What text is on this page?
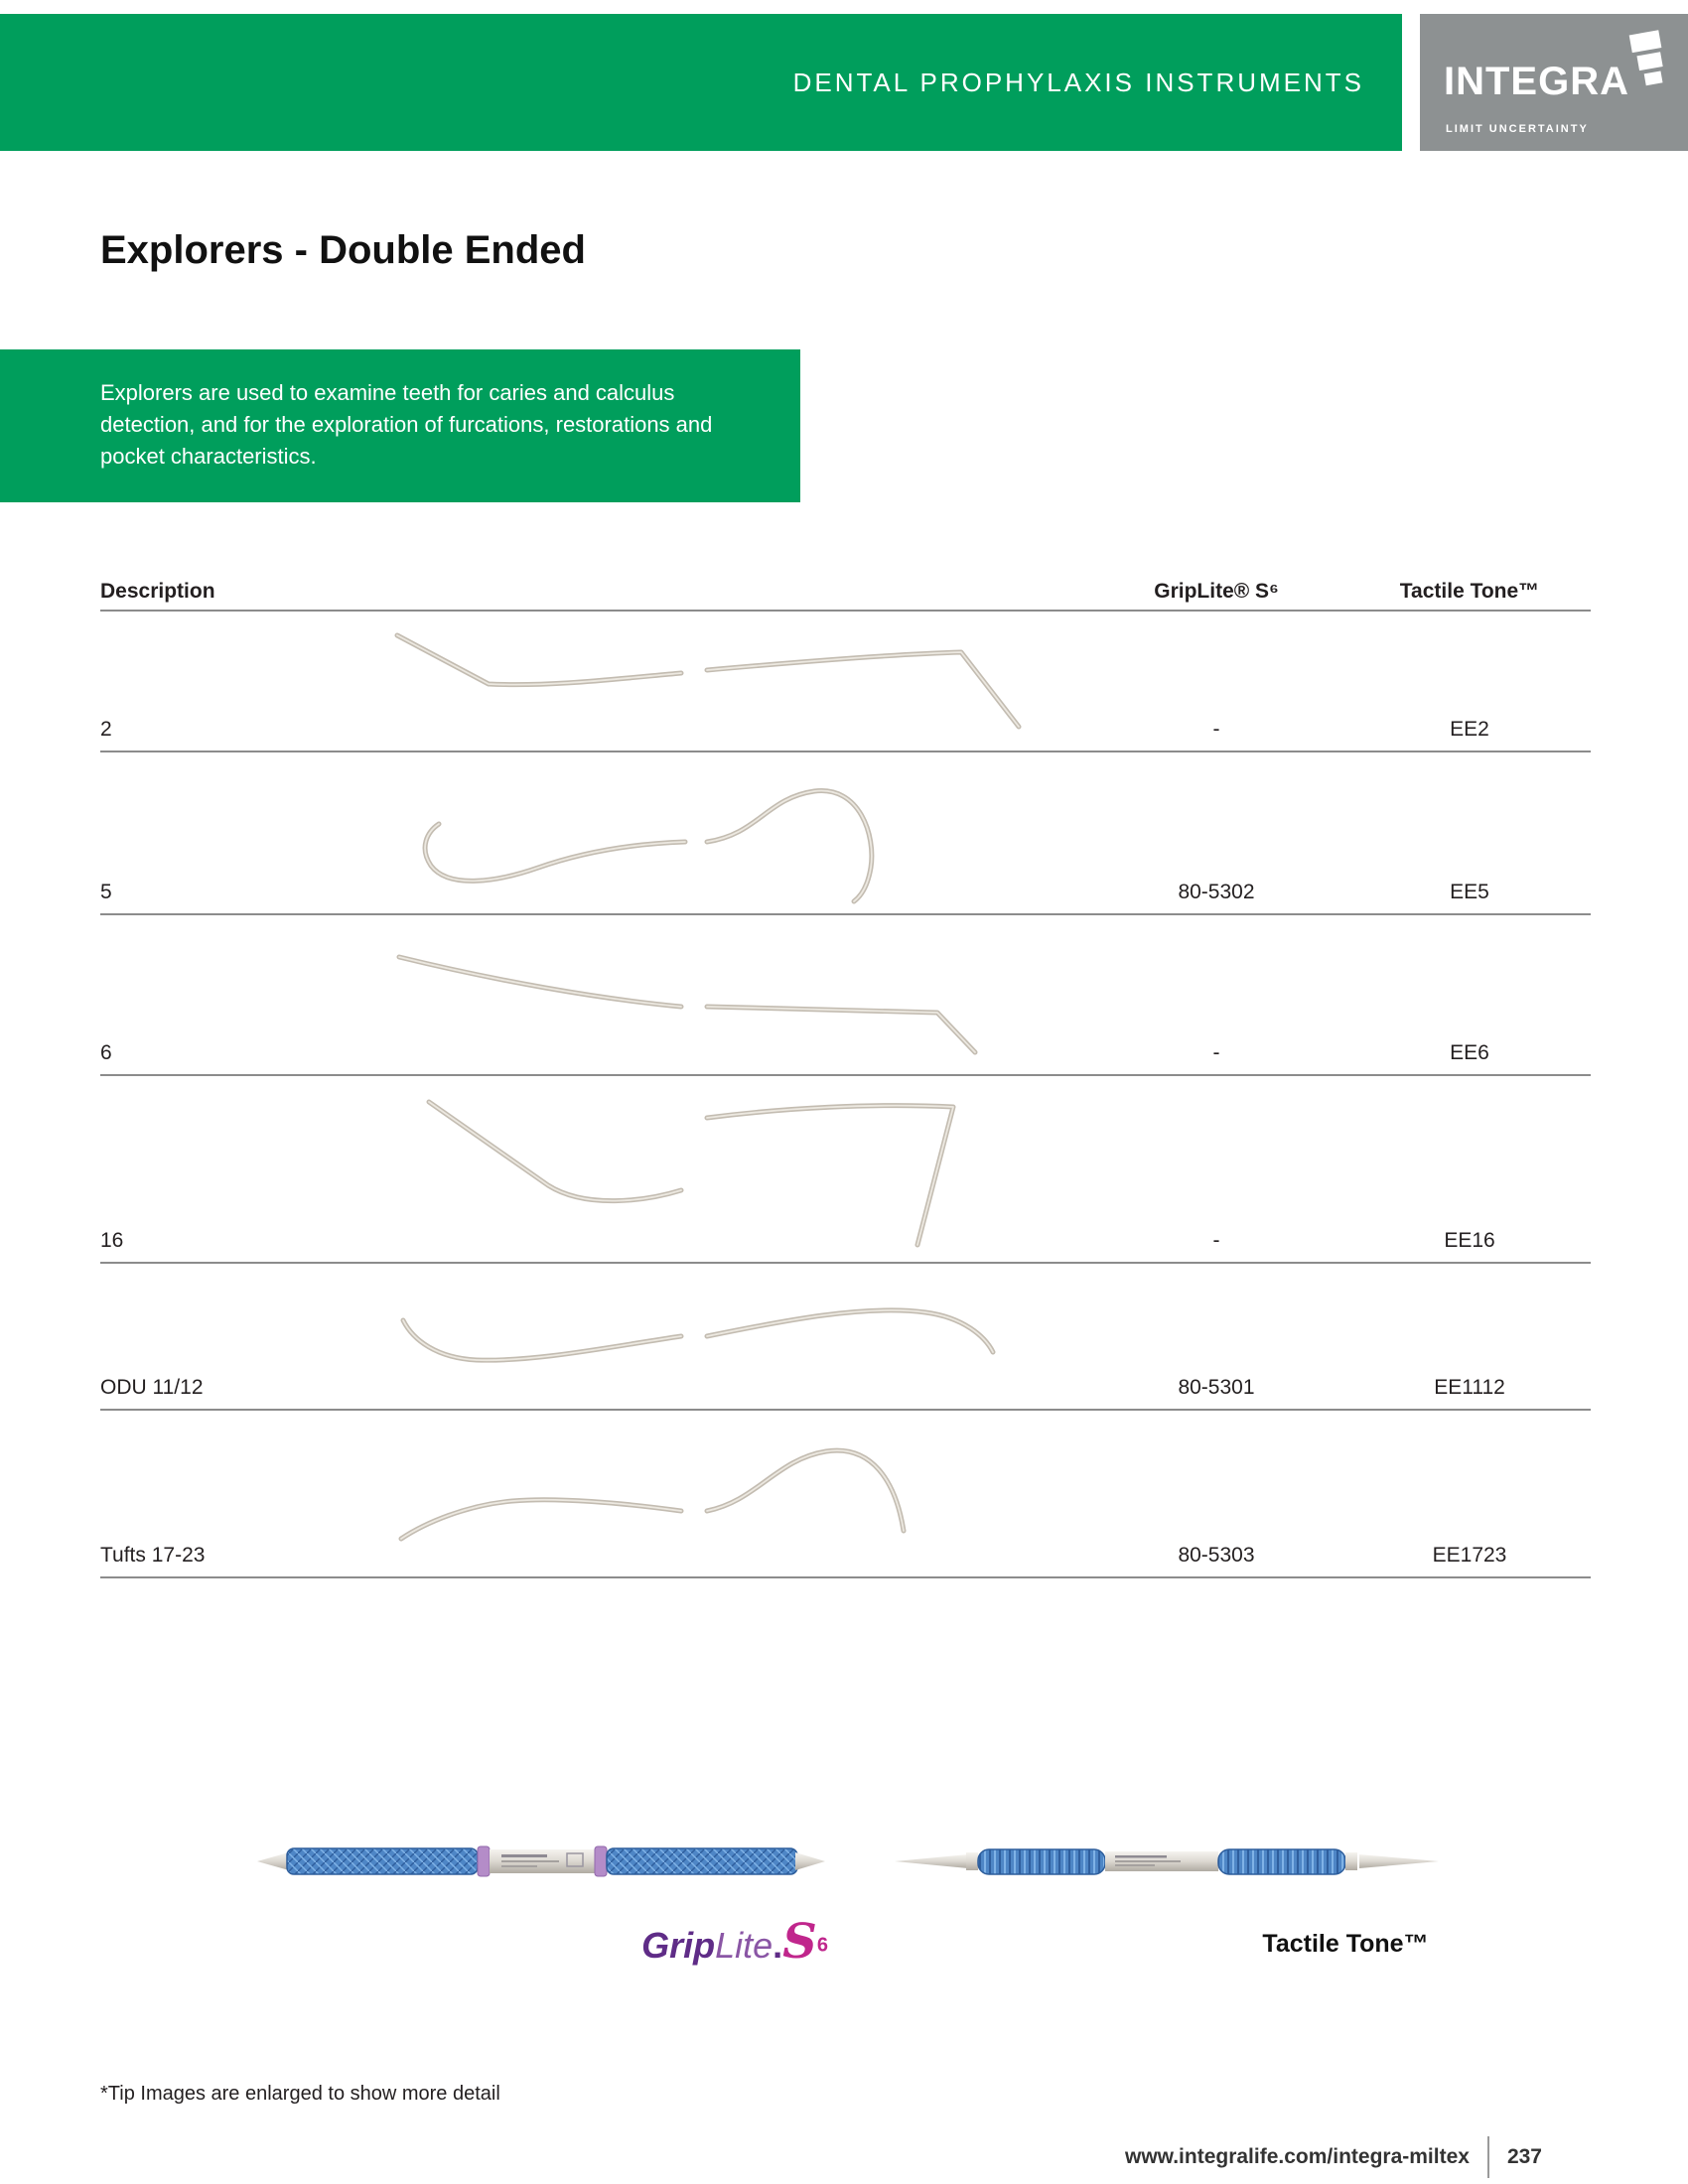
DENTAL PROPHYLAXIS INSTRUMENTS INTEGRA
LIMIT UNCERTAINTY
Explorers - Double Ended

Explorers are used to examine teeth for caries and calculus detection, and for the exploration of furcations, restorations and pocket characteristics.

Description	GripLite® S⁶	Tactile Tone™
2	-	EE2
5	80-5302	EE5
6	-	EE6
16	-	EE16
ODU 11/12	80-5301	EE1112
Tufts 17-23	80-5303	EE1723
GripLite.S6	Tactile Tone™
*Tip Images are enlarged to show more detail
www.integralife.com/integra-miltex 237
